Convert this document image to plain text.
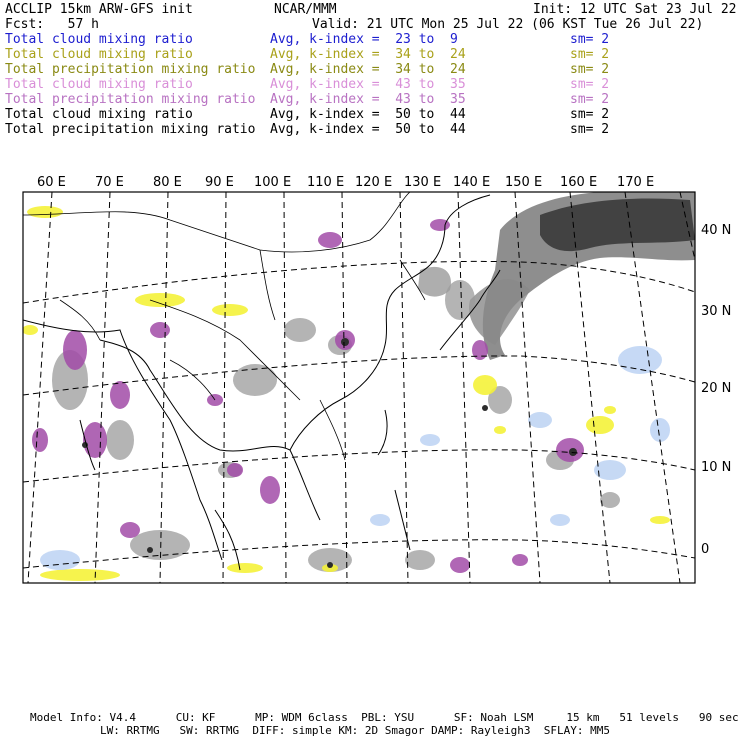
60 E 70 E 80 E 90 E 100 E 110 E 120 E 130 E 140 E 150 E 160 E 170 E
40 N
30 N
20 N
10 N
0
ACCLIP 15km ARW-GFS init	NCAR/MMM	Init: 12 UTC Sat 23 Jul 22
Fcst:   57 h	Valid: 21 UTC Mon 25 Jul 22 (06 KST Tue 26 Jul 22)
Total cloud mixing ratio	Avg, k-index =  23 to  9	sm= 2
Total cloud mixing ratio	Avg, k-index =  34 to  24	sm= 2
Total precipitation mixing ratio Avg, k-index =  34 to  24	sm= 2
Total cloud mixing ratio	Avg, k-index =  43 to  35	sm= 2
Total precipitation mixing ratio Avg, k-index =  43 to  35	sm= 2
Total cloud mixing ratio	Avg, k-index =  50 to  44	sm= 2
Total precipitation mixing ratio Avg, k-index =  50 to  44	sm= 2
Model Info: V4.4      CU: KF      MP: WDM 6class  PBL: YSU      SF: Noah LSM     15 km   51 levels   90 sec
LW: RRTMG   SW: RRTMG  DIFF: simple KM: 2D Smagor DAMP: Rayleigh3  SFLAY: MM5
